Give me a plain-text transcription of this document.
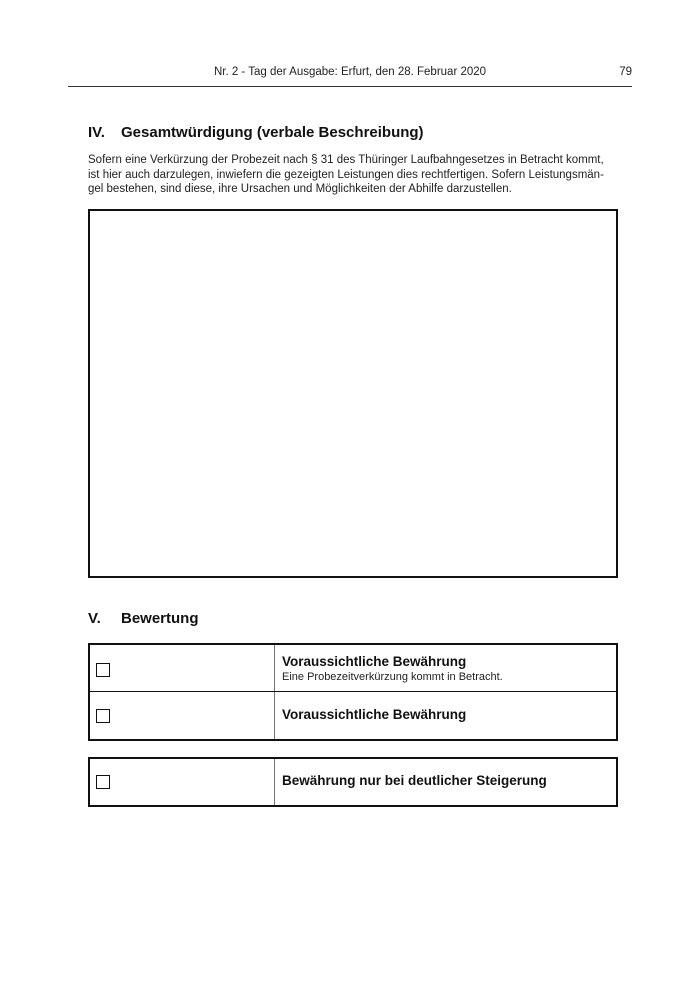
Nr. 2 - Tag der Ausgabe: Erfurt, den 28. Februar 2020	79
IV.	Gesamtwürdigung (verbale Beschreibung)
Sofern eine Verkürzung der Probezeit nach § 31 des Thüringer Laufbahngesetzes in Betracht kommt,
ist hier auch darzulegen, inwiefern die gezeigten Leistungen dies rechtfertigen. Sofern Leistungsmän-
gel bestehen, sind diese, ihre Ursachen und Möglichkeiten der Abhilfe darzustellen.
V.	Bewertung
Voraussichtliche Bewährung
Eine Probezeitverkürzung kommt in Betracht.
Voraussichtliche Bewährung
Bewährung nur bei deutlicher Steigerung
